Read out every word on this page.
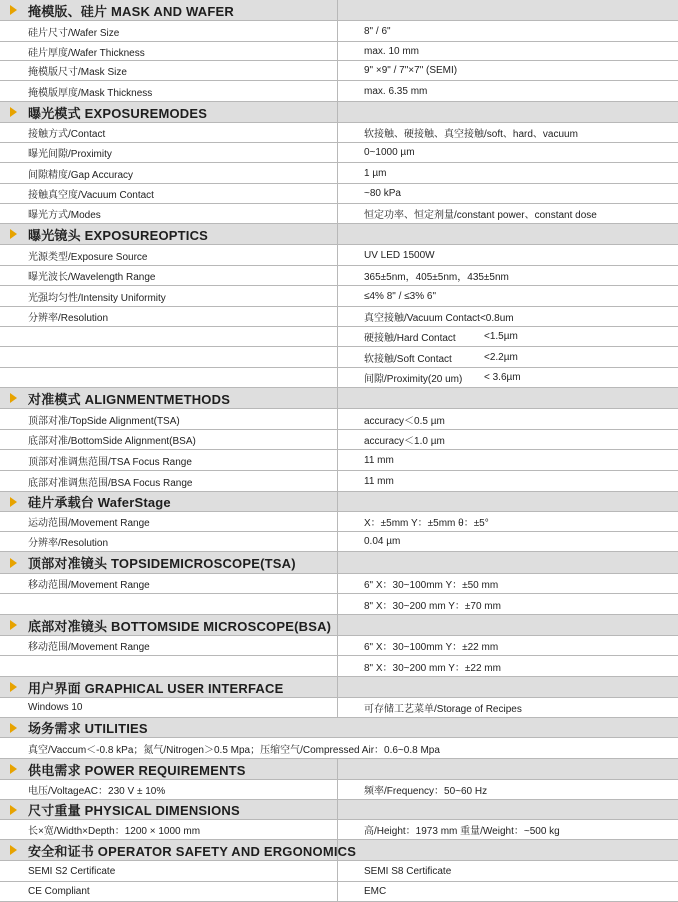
掩模版、硅片 MASK AND WAFER
硅片尺寸/Wafer Size	8" / 6"
硅片厚度/Wafer Thickness	max. 10 mm
掩模版尺寸/Mask Size	9" ×9" / 7"×7" (SEMI)
掩模版厚度/Mask Thickness	max. 6.35 mm
曝光模式 EXPOSUREMODES
接触方式/Contact	软接触、硬接触、真空接触/soft、hard、vacuum
曝光间隙/Proximity	0~1000 µm
间隙精度/Gap Accuracy	1 µm
接触真空度/Vacuum Contact	~80 kPa
曝光方式/Modes	恒定功率、恒定剂量/constant power、constant dose
曝光镜头 EXPOSUREOPTICS
光源类型/Exposure Source	UV LED 1500W
曝光波长/Wavelength Range	365±5nm，405±5nm，435±5nm
光强均匀性/Intensity Uniformity	≤4% 8" / ≤3% 6"
分辨率/Resolution	真空接触/Vacuum Contact<0.8um
硬接触/Hard Contact	<1.5µm
软接触/Soft Contact	<2.2µm
间隙/Proximity(20 um)	< 3.6µm
对准模式 ALIGNMENTMETHODS
顶部对准/TopSide Alignment(TSA)	accuracy＜0.5 µm
底部对准/BottomSide Alignment(BSA)	accuracy＜1.0 µm
顶部对准调焦范围/TSA Focus Range	11 mm
底部对准调焦范围/BSA Focus Range	11 mm
硅片承载台 WaferStage
运动范围/Movement Range	X：±5mm Y：±5mm θ：±5°
分辨率/Resolution	0.04 µm
顶部对准镜头 TOPSIDEMICROSCOPE(TSA)
移动范围/Movement Range	6" X：30~100mm Y：±50 mm
8" X：30~200 mm Y：±70 mm
底部对准镜头 BOTTOMSIDE MICROSCOPE(BSA)
移动范围/Movement Range	6" X：30~100mm Y：±22 mm
8" X：30~200 mm Y：±22 mm
用户界面 GRAPHICAL USER INTERFACE
Windows 10	可存储工艺菜单/Storage of Recipes
场务需求 UTILITIES
真空/Vaccum＜-0.8 kPa；氮气/Nitrogen＞0.5 Mpa；压缩空气/Compressed Air：0.6~0.8 Mpa
供电需求 POWER REQUIREMENTS
电压/VoltageAC：230 V ± 10%	频率/Frequency：50~60 Hz
尺寸重量 PHYSICAL DIMENSIONS
长×宽/Width×Depth：1200 × 1000 mm	高/Height：1973 mm 重量/Weight：~500 kg
安全和证书 OPERATOR SAFETY AND ERGONOMICS
SEMI S2 Certificate	SEMI S8 Certificate
CE Compliant	EMC
